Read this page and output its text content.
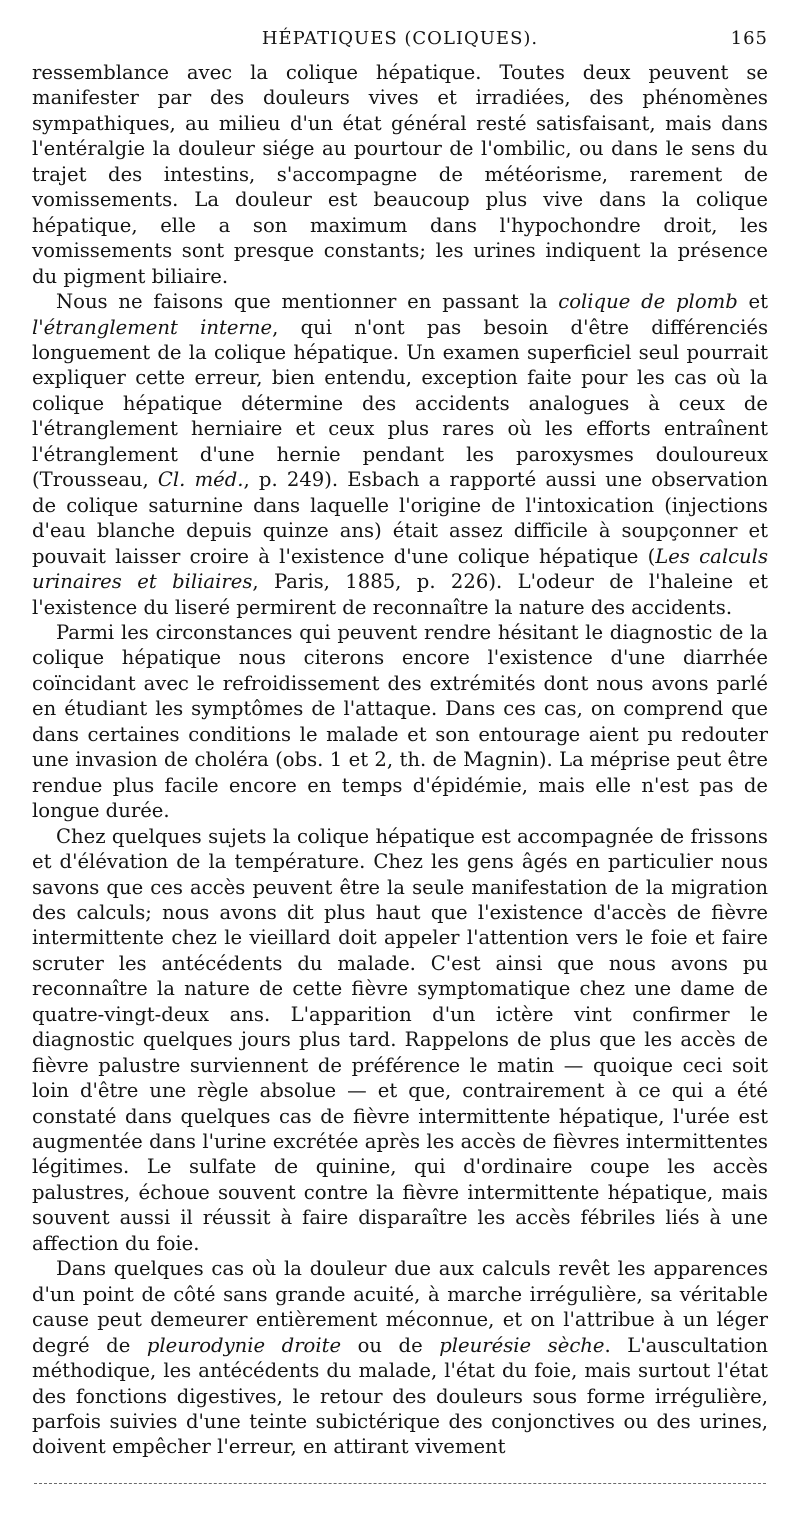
HÉPATIQUES (COLIQUES).	165

ressemblance avec la colique hépatique. Toutes deux peuvent se manifester par des douleurs vives et irradiées, des phénomènes sympathiques, au milieu d'un état général resté satisfaisant, mais dans l'entéralgie la douleur siége au pourtour de l'ombilic, ou dans le sens du trajet des intestins, s'accompagne de météorisme, rarement de vomissements. La douleur est beaucoup plus vive dans la colique hépatique, elle a son maximum dans l'hypochondre droit, les vomissements sont presque constants; les urines indiquent la présence du pigment biliaire.

Nous ne faisons que mentionner en passant la colique de plomb et l'étranglement interne, qui n'ont pas besoin d'être différenciés longuement de la colique hépatique. Un examen superficiel seul pourrait expliquer cette erreur, bien entendu, exception faite pour les cas où la colique hépatique détermine des accidents analogues à ceux de l'étranglement herniaire et ceux plus rares où les efforts entraînent l'étranglement d'une hernie pendant les paroxysmes douloureux (Trousseau, Cl. méd., p. 249). Esbach a rapporté aussi une observation de colique saturnine dans laquelle l'origine de l'intoxication (injections d'eau blanche depuis quinze ans) était assez difficile à soupçonner et pouvait laisser croire à l'existence d'une colique hépatique (Les calculs urinaires et biliaires, Paris, 1885, p. 226). L'odeur de l'haleine et l'existence du liseré permirent de reconnaître la nature des accidents.

Parmi les circonstances qui peuvent rendre hésitant le diagnostic de la colique hépatique nous citerons encore l'existence d'une diarrhée coïncidant avec le refroidissement des extrémités dont nous avons parlé en étudiant les symptômes de l'attaque. Dans ces cas, on comprend que dans certaines conditions le malade et son entourage aient pu redouter une invasion de choléra (obs. 1 et 2, th. de Magnin). La méprise peut être rendue plus facile encore en temps d'épidémie, mais elle n'est pas de longue durée.

Chez quelques sujets la colique hépatique est accompagnée de frissons et d'élévation de la température. Chez les gens âgés en particulier nous savons que ces accès peuvent être la seule manifestation de la migration des calculs; nous avons dit plus haut que l'existence d'accès de fièvre intermittente chez le vieillard doit appeler l'attention vers le foie et faire scruter les antécédents du malade. C'est ainsi que nous avons pu reconnaître la nature de cette fièvre symptomatique chez une dame de quatre-vingt-deux ans. L'apparition d'un ictère vint confirmer le diagnostic quelques jours plus tard. Rappelons de plus que les accès de fièvre palustre surviennent de préférence le matin — quoique ceci soit loin d'être une règle absolue — et que, contrairement à ce qui a été constaté dans quelques cas de fièvre intermittente hépatique, l'urée est augmentée dans l'urine excrétée après les accès de fièvres intermittentes légitimes. Le sulfate de quinine, qui d'ordinaire coupe les accès palustres, échoue souvent contre la fièvre intermittente hépatique, mais souvent aussi il réussit à faire disparaître les accès fébriles liés à une affection du foie.

Dans quelques cas où la douleur due aux calculs revêt les apparences d'un point de côté sans grande acuité, à marche irrégulière, sa véritable cause peut demeurer entièrement méconnue, et on l'attribue à un léger degré de pleurodynie droite ou de pleurésie sèche. L'auscultation méthodique, les antécédents du malade, l'état du foie, mais surtout l'état des fonctions digestives, le retour des douleurs sous forme irrégulière, parfois suivies d'une teinte subictérique des conjonctives ou des urines, doivent empêcher l'erreur, en attirant vivement
